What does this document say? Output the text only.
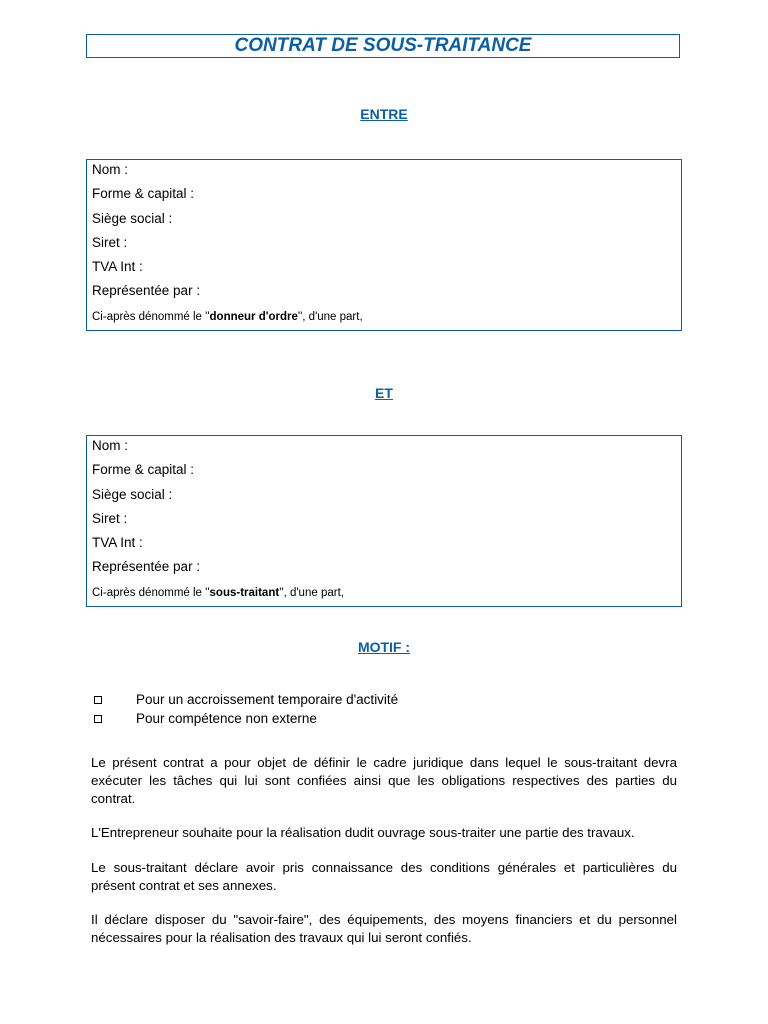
CONTRAT DE SOUS-TRAITANCE
ENTRE
Nom :
Forme & capital :
Siège social :
Siret :
TVA Int :
Représentée par :
Ci-après dénommé le ''donneur d'ordre'', d'une part,
ET
Nom :
Forme & capital :
Siège social :
Siret :
TVA Int :
Représentée par :
Ci-après dénommé le ''sous-traitant'', d'une part,
MOTIF :
Pour un accroissement temporaire d'activité
Pour compétence non externe
Le présent contrat a pour objet de définir le cadre juridique dans lequel le sous-traitant devra exécuter les tâches qui lui sont confiées ainsi que les obligations respectives des parties du contrat.
L'Entrepreneur souhaite pour la réalisation dudit ouvrage sous-traiter une partie des travaux.
Le sous-traitant déclare avoir pris connaissance des conditions générales et particulières du présent contrat et ses annexes.
Il déclare disposer du "savoir-faire", des équipements, des moyens financiers et du personnel nécessaires pour la réalisation des travaux qui lui seront confiés.
